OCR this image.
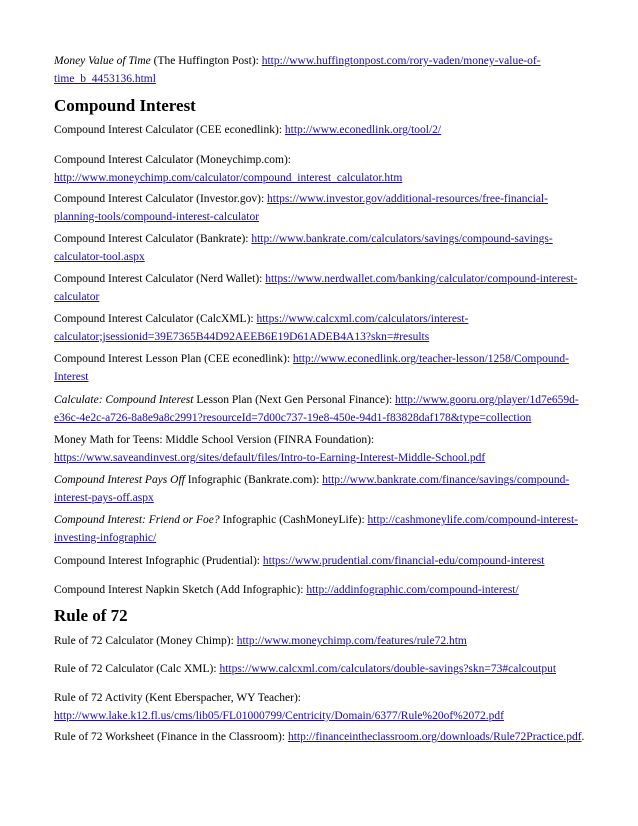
Money Value of Time (The Huffington Post): http://www.huffingtonpost.com/rory-vaden/money-value-of-
time_b_4453136.html
Compound Interest
Compound Interest Calculator (CEE econedlink): http://www.econedlink.org/tool/2/
Compound Interest Calculator (Moneychimp.com):
http://www.moneychimp.com/calculator/compound_interest_calculator.htm
Compound Interest Calculator (Investor.gov): https://www.investor.gov/additional-resources/free-financial-
planning-tools/compound-interest-calculator
Compound Interest Calculator (Bankrate): http://www.bankrate.com/calculators/savings/compound-savings-
calculator-tool.aspx
Compound Interest Calculator (Nerd Wallet): https://www.nerdwallet.com/banking/calculator/compound-interest-
calculator
Compound Interest Calculator (CalcXML): https://www.calcxml.com/calculators/interest-
calculator;jsessionid=39E7365B44D92AEEB6E19D61ADEB4A13?skn=#results
Compound Interest Lesson Plan (CEE econedlink): http://www.econedlink.org/teacher-lesson/1258/Compound-
Interest
Calculate: Compound Interest Lesson Plan (Next Gen Personal Finance): http://www.gooru.org/player/1d7e659d-
e36c-4e2c-a726-8a8e9a8c2991?resourceId=7d00c737-19e8-450e-94d1-f83828daf178&type=collection
Money Math for Teens: Middle School Version (FINRA Foundation):
https://www.saveandinvest.org/sites/default/files/Intro-to-Earning-Interest-Middle-School.pdf
Compound Interest Pays Off Infographic (Bankrate.com): http://www.bankrate.com/finance/savings/compound-
interest-pays-off.aspx
Compound Interest: Friend or Foe? Infographic (CashMoneyLife): http://cashmoneylife.com/compound-interest-
investing-infographic/
Compound Interest Infographic (Prudential): https://www.prudential.com/financial-edu/compound-interest
Compound Interest Napkin Sketch (Add Infographic): http://addinfographic.com/compound-interest/
Rule of 72
Rule of 72 Calculator (Money Chimp): http://www.moneychimp.com/features/rule72.htm
Rule of 72 Calculator (Calc XML): https://www.calcxml.com/calculators/double-savings?skn=73#calcoutput
Rule of 72 Activity (Kent Eberspacher, WY Teacher):
http://www.lake.k12.fl.us/cms/lib05/FL01000799/Centricity/Domain/6377/Rule%20of%2072.pdf
Rule of 72 Worksheet (Finance in the Classroom): http://financeintheclassroom.org/downloads/Rule72Practice.pdf.
